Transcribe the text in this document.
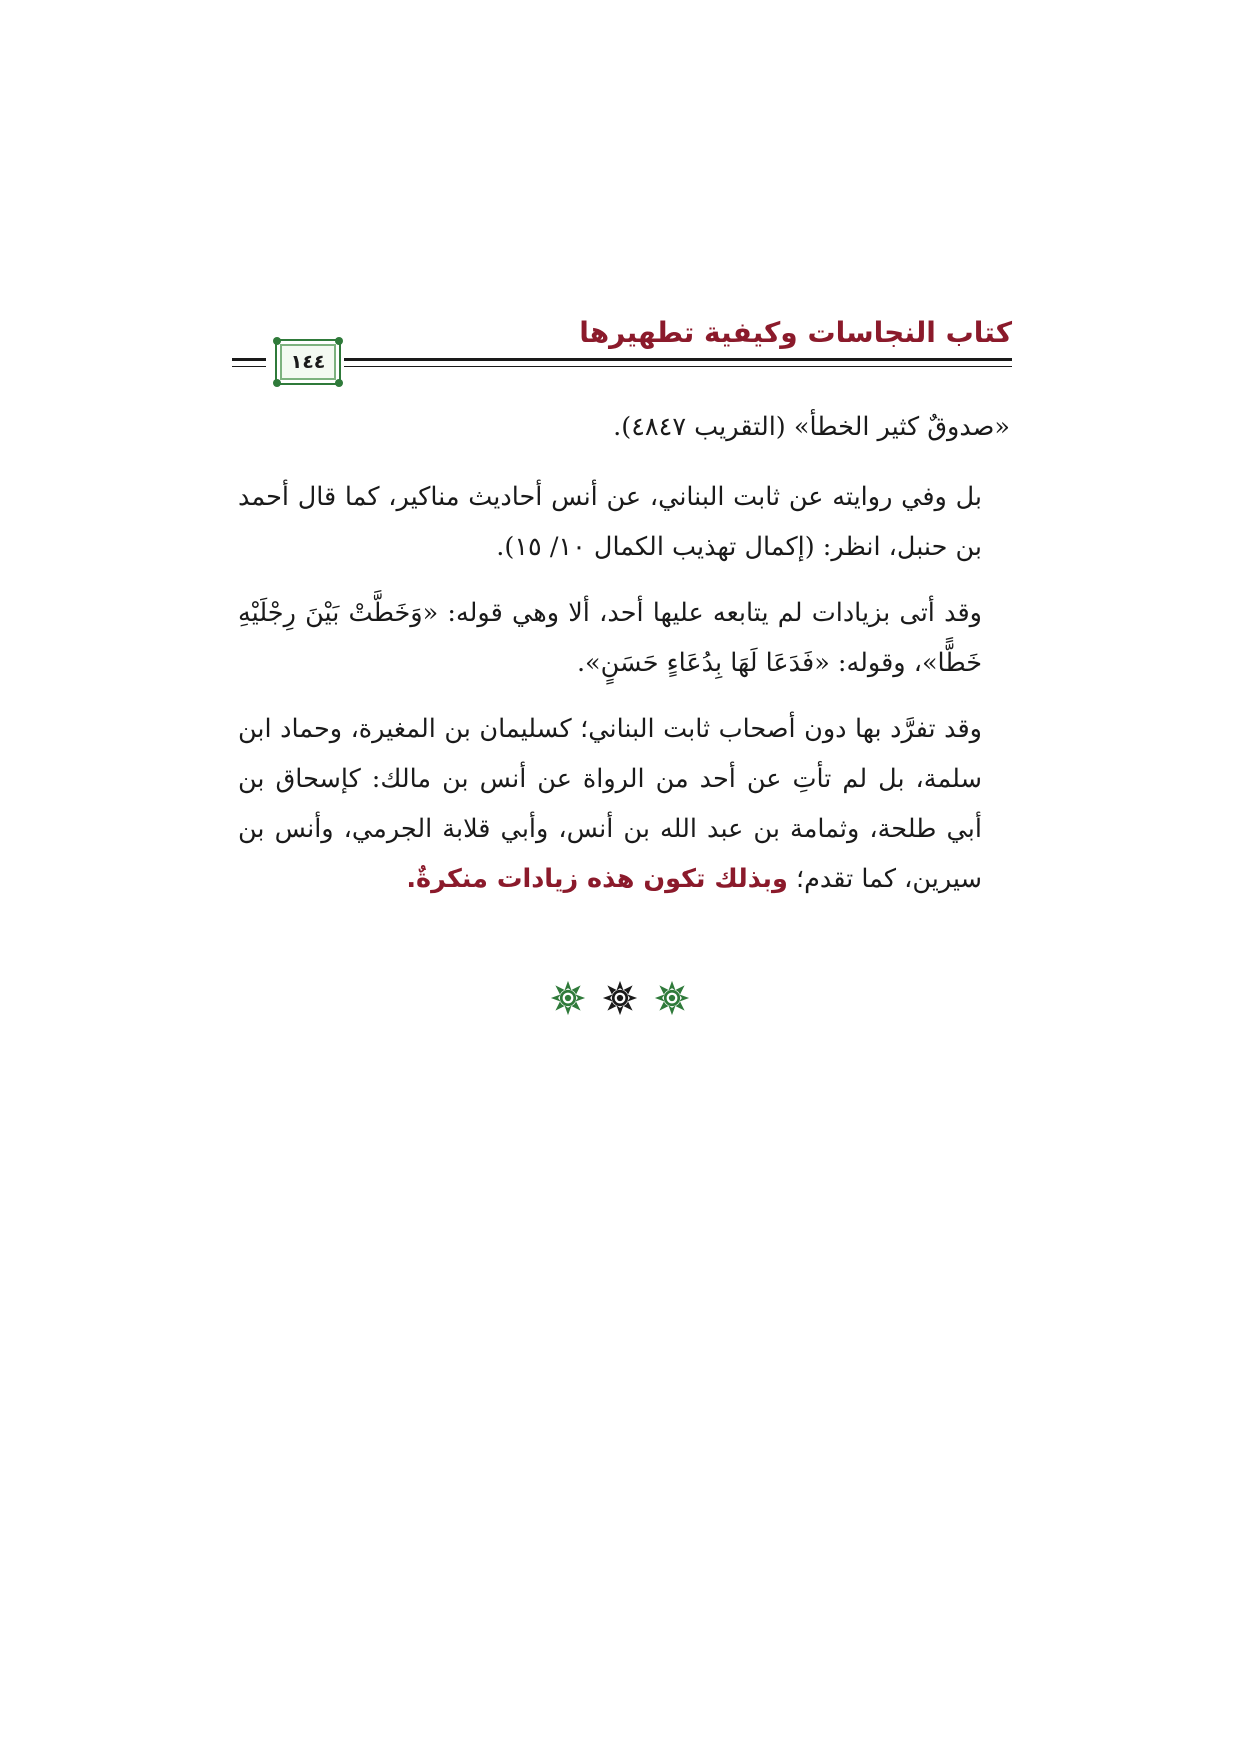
كتاب النجاسات وكيفية تطهيرها
١٤٤

«صدوقٌ كثير الخطأ» (التقريب ٤٨٤٧).

بل وفي روايته عن ثابت البناني، عن أنس أحاديث مناكير، كما قال أحمد بن حنبل، انظر: (إكمال تهذيب الكمال ١٠/ ١٥).

وقد أتى بزيادات لم يتابعه عليها أحد، ألا وهي قوله: «وَخَطَّتْ بَيْنَ رِجْلَيْهِ خَطًّا»، وقوله: «فَدَعَا لَهَا بِدُعَاءٍ حَسَنٍ».

وقد تفرَّد بها دون أصحاب ثابت البناني؛ كسليمان بن المغيرة، وحماد ابن سلمة، بل لم تأتِ عن أحد من الرواة عن أنس بن مالك: كإسحاق بن أبي طلحة، وثمامة بن عبد الله بن أنس، وأبي قلابة الجرمي، وأنس بن سيرين، كما تقدم؛ وبذلك تكون هذه زيادات منكرةٌ.
